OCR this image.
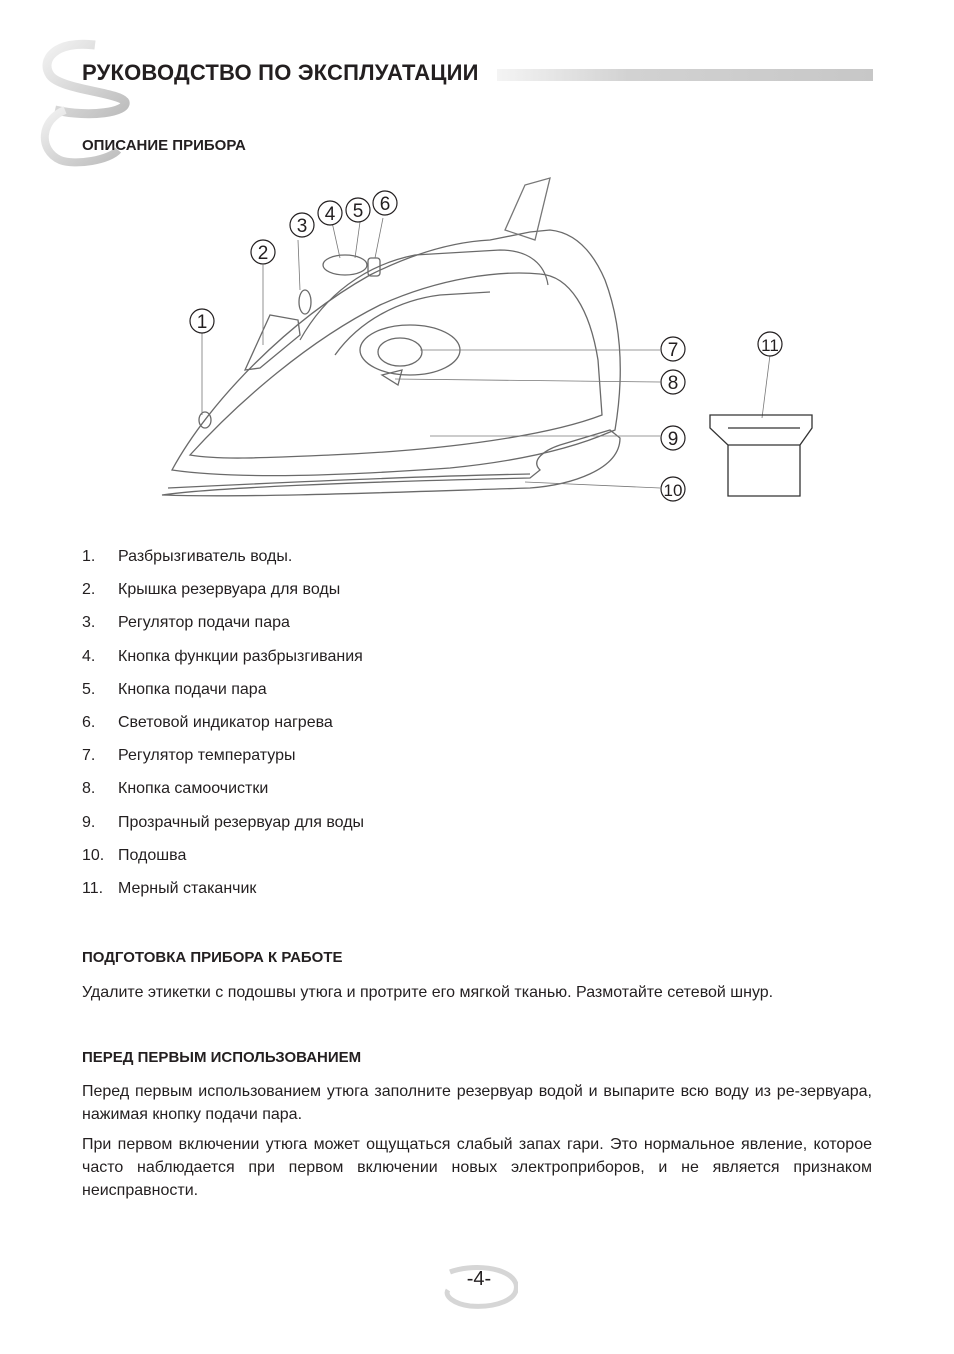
РУКОВОДСТВО ПО ЭКСПЛУАТАЦИИ
ОПИСАНИЕ ПРИБОРА
1
2
3
4 5 6
7
8
9
10
11
1.	Разбрызгиватель воды.
2.	Крышка резервуара для воды
3.	Регулятор подачи пара
4.	Кнопка функции разбрызгивания
5.	Кнопка подачи пара
6.	Световой индикатор нагрева
7.	Регулятор температуры
8.	Кнопка самоочистки
9.	Прозрачный резервуар для воды
10. Подошва
11. Мерный стаканчик
ПОДГОТОВКА ПРИБОРА К РАБОТЕ

Удалите этикетки с подошвы утюга и протрите его мягкой тканью. Размотайте сетевой шнур.

ПЕРЕД ПЕРВЫМ ИСПОЛЬЗОВАНИЕМ

Перед первым использованием утюга заполните резервуар водой и выпарите всю воду из ре-зервуара, нажимая кнопку подачи пара.

При первом включении утюга может ощущаться слабый запах гари. Это нормальное явление, которое часто наблюдается при первом включении новых электроприборов, и не является признаком неисправности.

-4-
